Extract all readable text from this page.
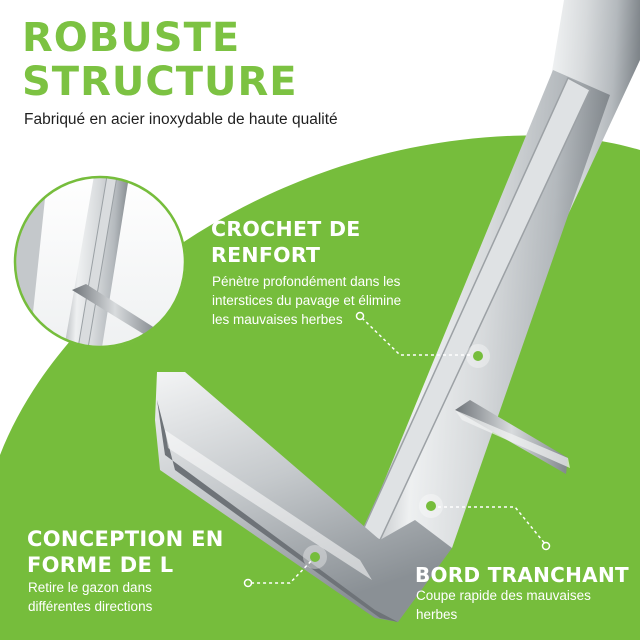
ROBUSTE
STRUCTURE
Fabriqué en acier inoxydable de haute qualité
CROCHET DE
RENFORT
Pénètre profondément dans les
interstices du pavage et élimine
les mauvaises herbes
CONCEPTION EN
FORME DE L
Retire le gazon dans
différentes directions
BORD TRANCHANT
Coupe rapide des mauvaises
herbes
